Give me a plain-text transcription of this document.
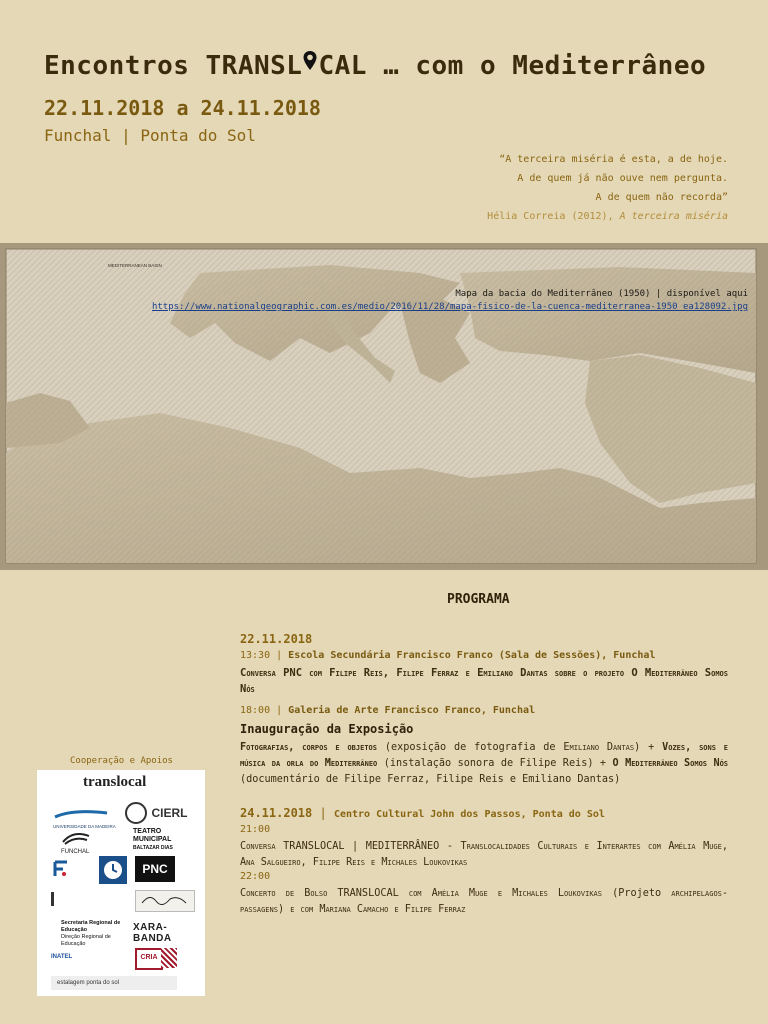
Encontros TRANSL CAL … com o Mediterrâneo
22.11.2018 a 24.11.2018
Funchal | Ponta do Sol
“A terceira miséria é esta, a de hoje.
A de quem já não ouve nem pergunta.
A de quem não recorda”
Hélia Correia (2012), A terceira miséria
MEDITERRANEAN BASIN
Mapa da bacia do Mediterrâneo (1950) | disponível aqui
https://www.nationalgeographic.com.es/medio/2016/11/28/mapa-fisico-de-la-cuenca-mediterranea-1950_ea128092.jpg
PROGRAMA
22.11.2018
13:30 | Escola Secundária Francisco Franco (Sala de Sessões), Funchal
Conversa PNC com Filipe Reis, Filipe Ferraz e Emiliano Dantas sobre o projeto O Mediterrâneo Somos Nós
18:00 | Galeria de Arte Francisco Franco, Funchal
Inauguração da Exposição
Fotografias, corpos e objetos (exposição de fotografia de Emiliano Dantas) + Vozes, sons e música da orla do Mediterrâneo (instalação sonora de Filipe Reis) + O Mediterrâneo Somos Nós (documentário de Filipe Ferraz, Filipe Reis e Emiliano Dantas)
24.11.2018 | Centro Cultural John dos Passos, Ponta do Sol
21:00
Conversa TRANSLOCAL | MEDITERRÂNEO - Translocalidades Culturais e Interartes com Amélia Muge, Ana Salgueiro, Filipe Reis e Michales Loukovikas
22:00
Concerto de Bolso TRANSLOCAL com Amélia Muge e Michales Loukovikas (Projeto archipelagos-passagens) e com Mariana Camacho e Filipe Ferraz
Cooperação e Apoios
translocal
UNIVERSIDADE DA MADEIRA
CIERL
FUNCHAL
TEATRO MUNICIPAL
BALTAZAR DIAS
PNC
Secretaria Regional de Educação
Direção Regional de Educação
XARA-BANDA
INATEL	CRIA
estalagem ponta do sol
